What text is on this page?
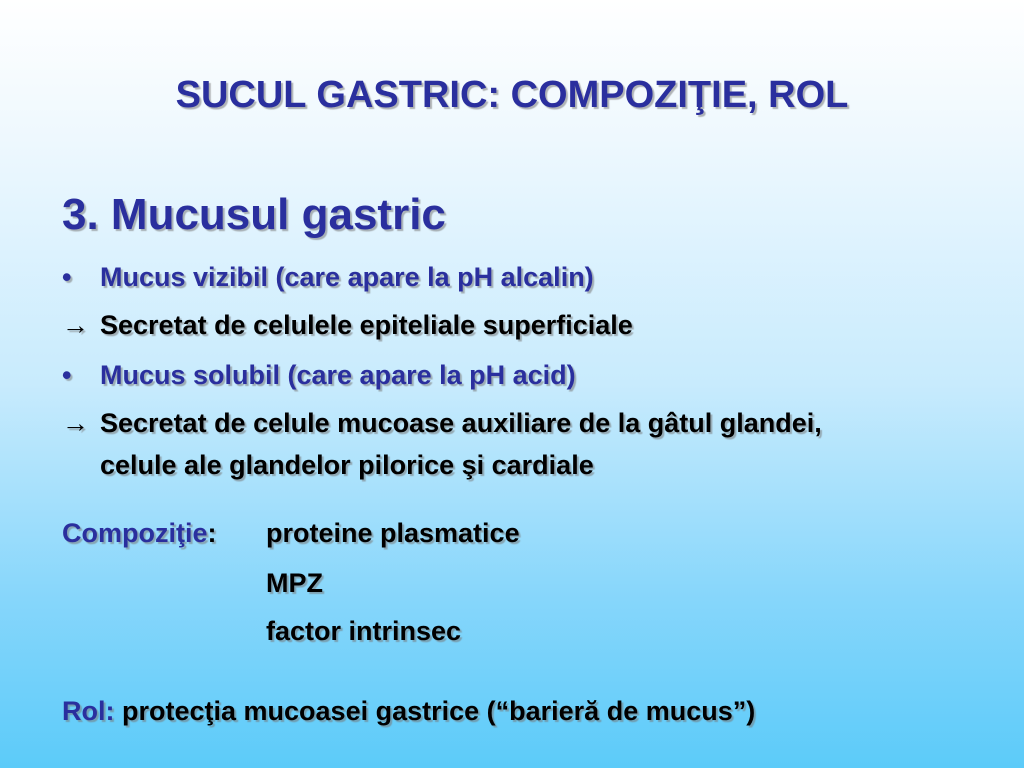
SUCUL GASTRIC: COMPOZIŢIE, ROL
3. Mucusul gastric
• Mucus vizibil (care apare la pH alcalin)
→ Secretat de celulele epiteliale superficiale
• Mucus solubil (care apare la pH acid)
→ Secretat de celule mucoase auxiliare de la gâtul glandei,
celule ale glandelor pilorice şi cardiale
Compoziţie: proteine plasmatice
MPZ
factor intrinsec
Rol: protecţia mucoasei gastrice (“barieră de mucus”)
